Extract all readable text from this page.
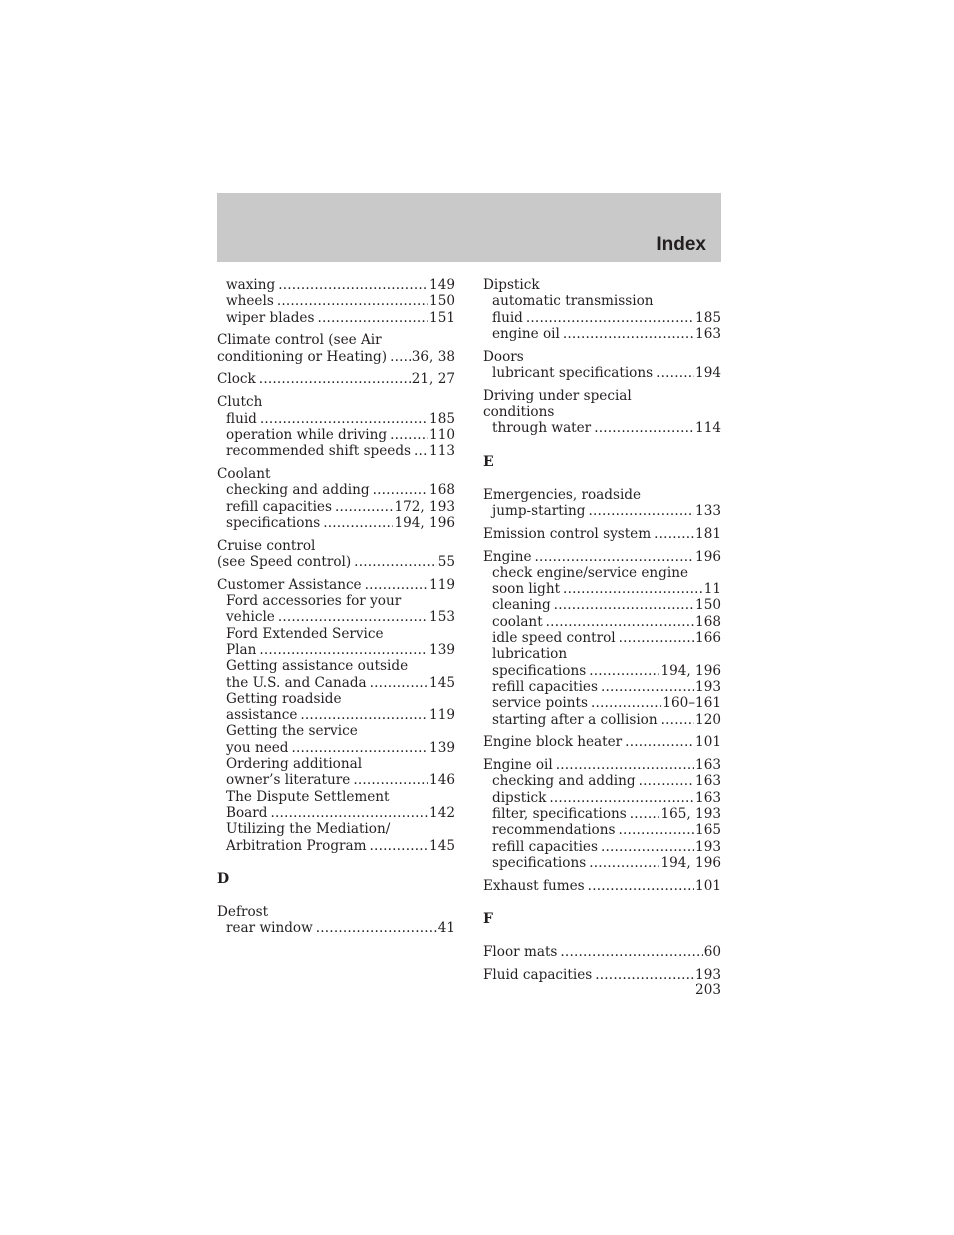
Index
waxing .....	149
wheels .....	150
wiper blades .....	151
Climate control (see Air
conditioning or Heating) ..... 36, 38
Clock .....	21, 27
Clutch
fluid .....	185
operation while driving .....	110
recommended shift speeds ..... 113
Coolant
checking and adding .....	168
refill capacities .....	172, 193
specifications .....	194, 196
Cruise control
(see Speed control) .....	55
Customer Assistance .....	119
Ford accessories for your
vehicle .....	153
Ford Extended Service
Plan .....	139
Getting assistance outside
the U.S. and Canada .....	145
Getting roadside
assistance .....	119
Getting the service
you need .....	139
Ordering additional
owner’s literature .....	146
The Dispute Settlement
Board .....	142
Utilizing the Mediation/
Arbitration Program .....	145
D
Defrost
rear window .....	41
Dipstick
automatic transmission
fluid .....	185
engine oil .....	163
Doors
lubricant specifications .....	194
Driving under special
conditions
through water .....	114
E
Emergencies, roadside
jump-starting .....	133
Emission control system .....	181
Engine .....	196
check engine/service engine
soon light .....	11
cleaning .....	150
coolant .....	168
idle speed control .....	166
lubrication
specifications .....	194, 196
refill capacities .....	193
service points .....	160–161
starting after a collision .....	120
Engine block heater .....	101
Engine oil .....	163
checking and adding .....	163
dipstick .....	163
filter, specifications ..... 165, 193
recommendations .....	165
refill capacities .....	193
specifications .....	194, 196
Exhaust fumes .....	101
F
Floor mats .....	60
Fluid capacities .....	193
203
